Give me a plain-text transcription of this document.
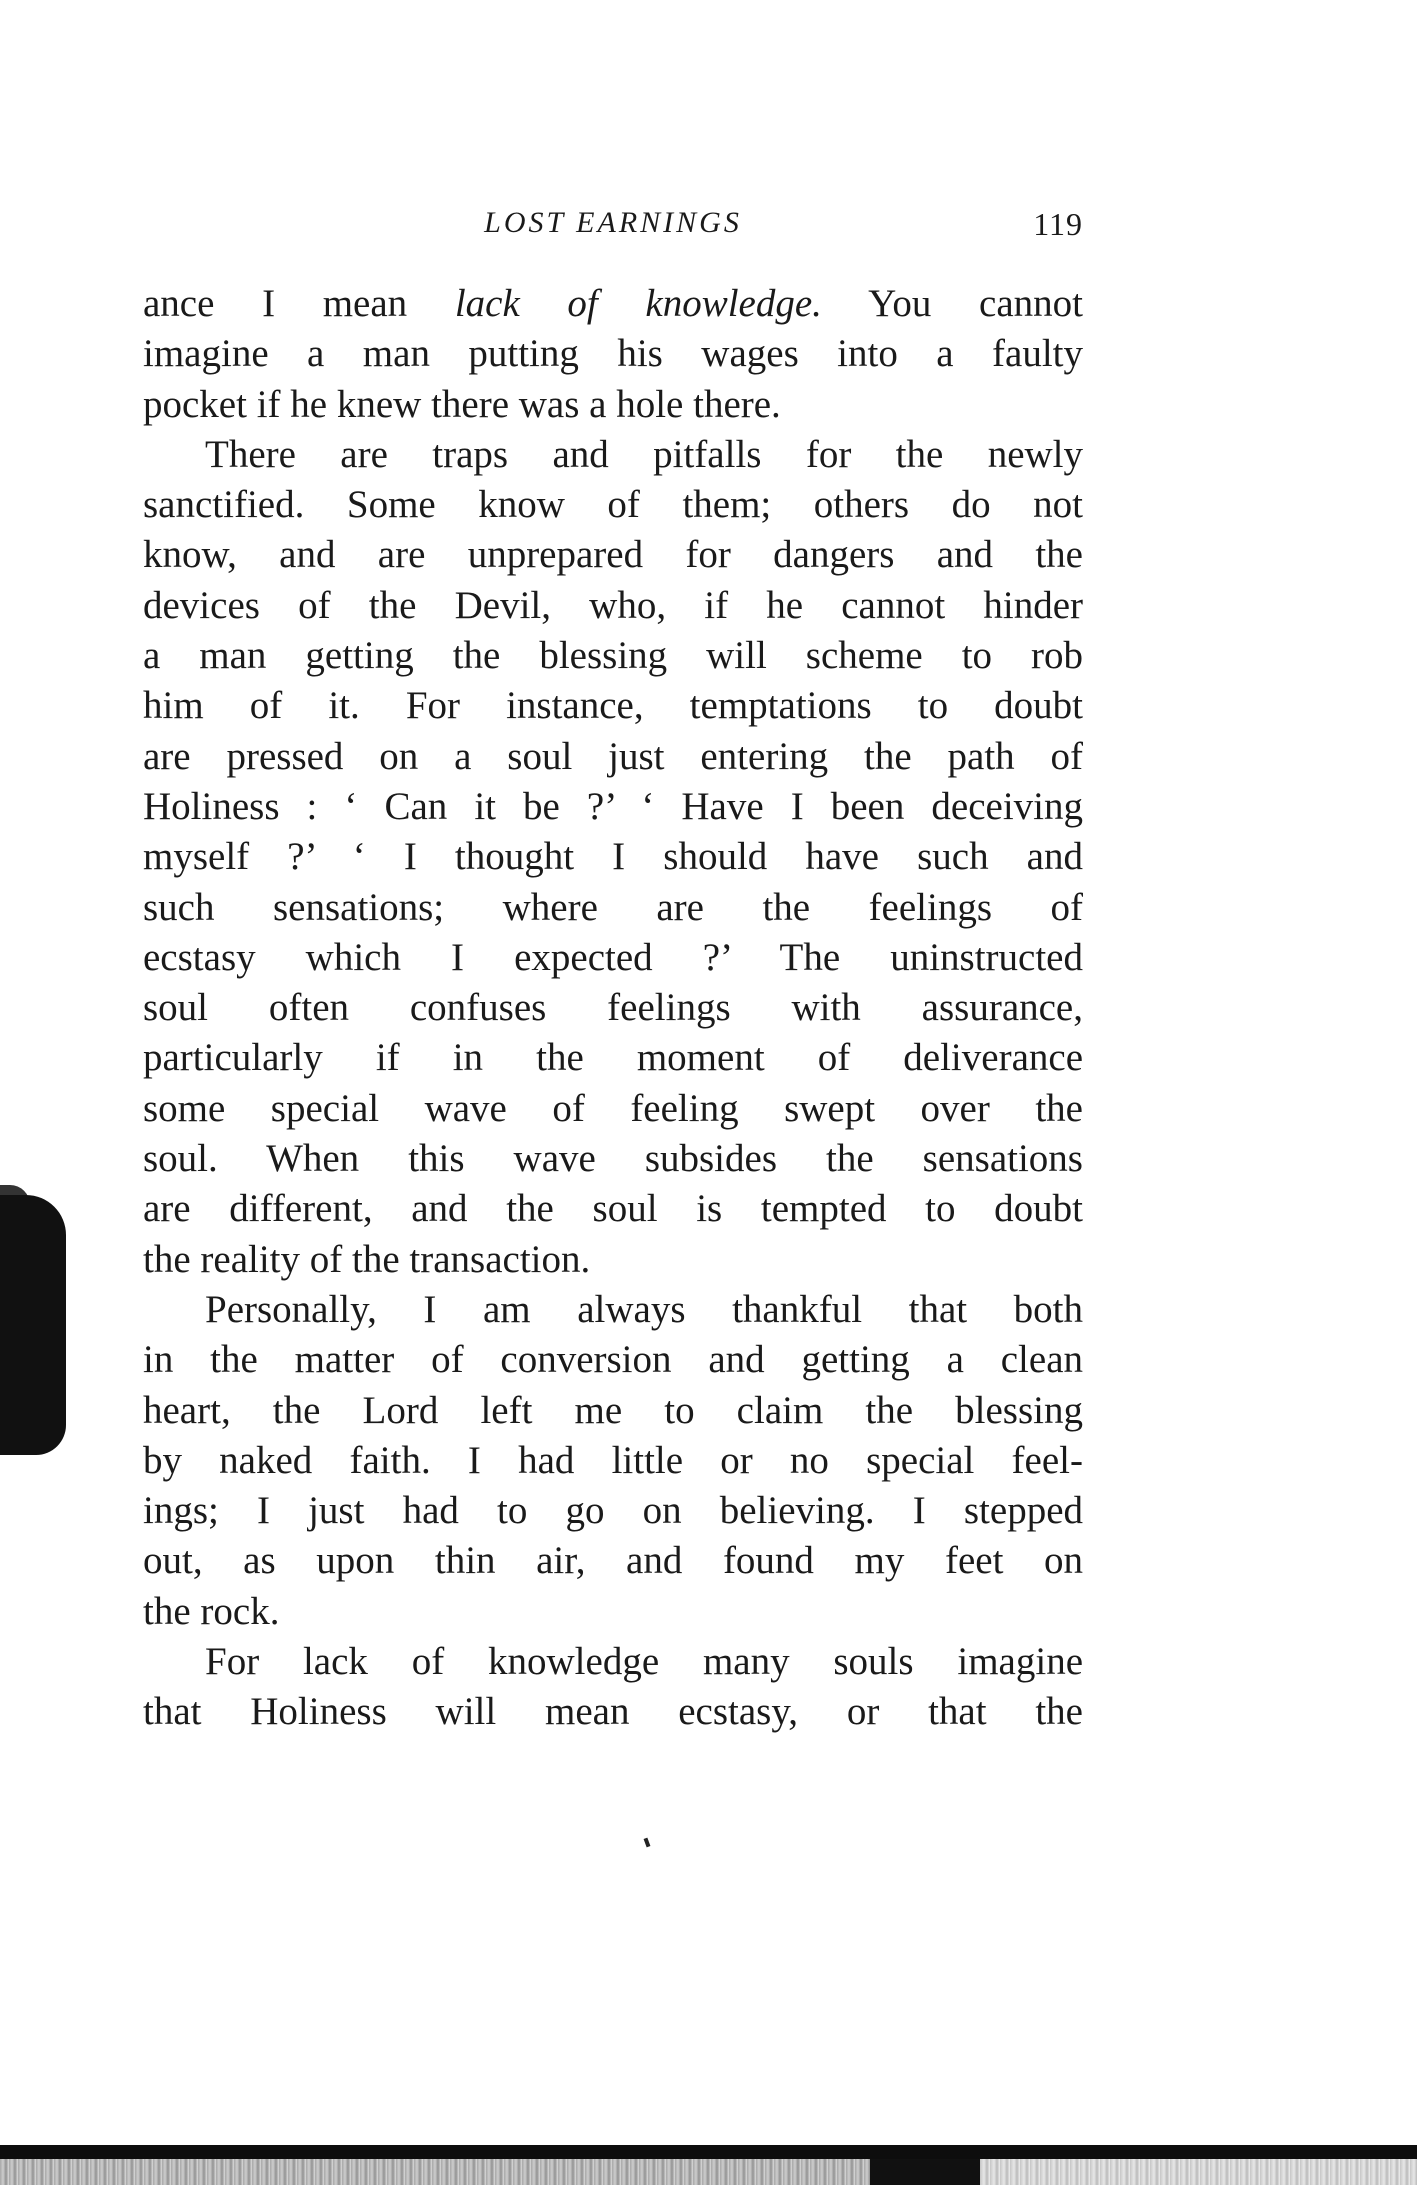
LOST EARNINGS	119
ance I mean lack of knowledge. You cannot
imagine a man putting his wages into a faulty
pocket if he knew there was a hole there.
There are traps and pitfalls for the newly
sanctified. Some know of them; others do not
know, and are unprepared for dangers and the
devices of the Devil, who, if he cannot hinder
a man getting the blessing will scheme to rob
him of it. For instance, temptations to doubt
are pressed on a soul just entering the path of
Holiness : ‘ Can it be ?’ ‘ Have I been deceiving
myself ?’ ‘ I thought I should have such and
such sensations; where are the feelings of
ecstasy which I expected ?’ The uninstructed
soul often confuses feelings with assurance,
particularly if in the moment of deliverance
some special wave of feeling swept over the
soul. When this wave subsides the sensations
are different, and the soul is tempted to doubt
the reality of the transaction.
Personally, I am always thankful that both
in the matter of conversion and getting a clean
heart, the Lord left me to claim the blessing
by naked faith. I had little or no special feel-
ings; I just had to go on believing. I stepped
out, as upon thin air, and found my feet on
the rock.
For lack of knowledge many souls imagine
that Holiness will mean ecstasy, or that the
